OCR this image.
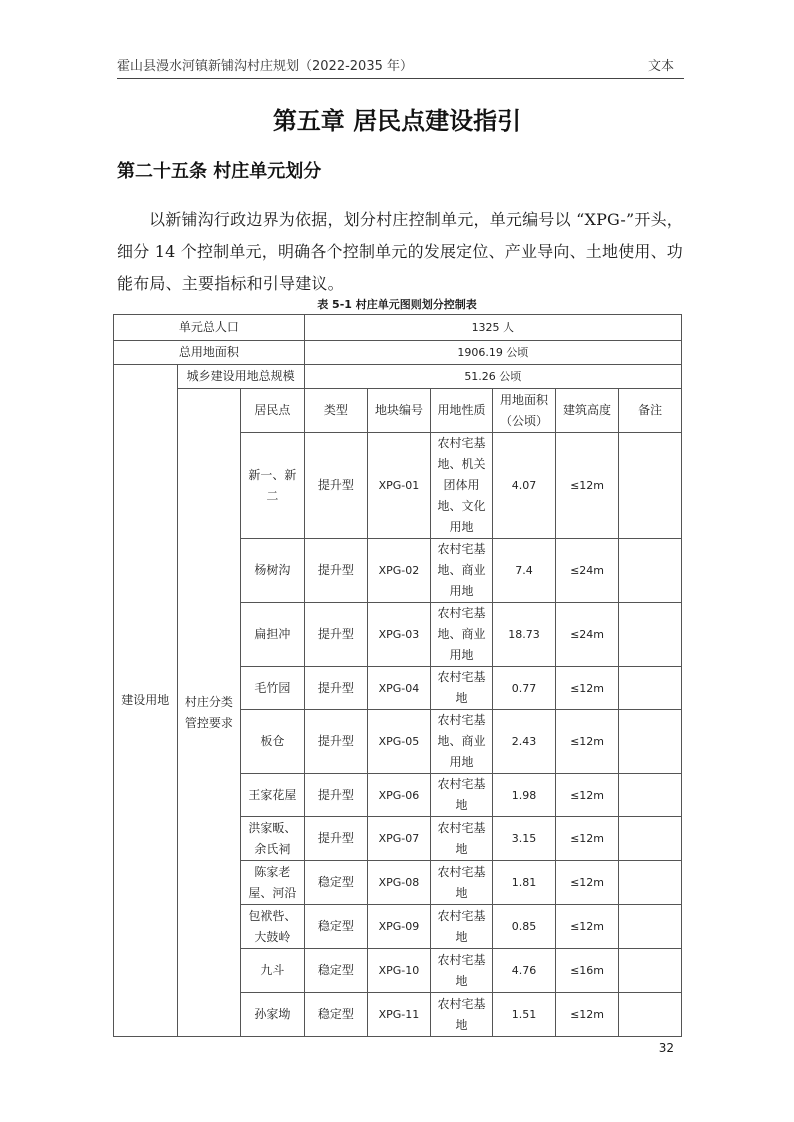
霍山县漫水河镇新铺沟村庄规划（2022-2035 年）	文本
第五章 居民点建设指引
第二十五条 村庄单元划分
以新铺沟行政边界为依据，划分村庄控制单元，单元编号以 “XPG-”开头，细分 14 个控制单元，明确各个控制单元的发展定位、产业导向、土地使用、功能布局、主要指标和引导建议。
表 5-1 村庄单元图则划分控制表
单元总人口			1325 人					
总用地面积			1906.19 公顷					
建设用地	城乡建设用地总规模		51.26 公顷					

	村庄分类管控要求	居民点	类型	地块编号	用地性质	用地面积（公顷）	建筑高度	备注
		新一、新二	提升型	XPG-01	农村宅基地、机关团体用地、文化用地	4.07	≤12m	
		杨树沟	提升型	XPG-02	农村宅基地、商业用地	7.4	≤24m	
		扁担冲	提升型	XPG-03	农村宅基地、商业用地	18.73	≤24m	
		毛竹园	提升型	XPG-04	农村宅基地	0.77	≤12m	
		板仓	提升型	XPG-05	农村宅基地、商业用地	2.43	≤12m	
		王家花屋	提升型	XPG-06	农村宅基地	1.98	≤12m	
		洪家畈、余氏祠	提升型	XPG-07	农村宅基地	3.15	≤12m	
		陈家老屋、河沿	稳定型	XPG-08	农村宅基地	1.81	≤12m	
		包袱呰、大鼓岭	稳定型	XPG-09	农村宅基地	0.85	≤12m	
		九斗	稳定型	XPG-10	农村宅基地	4.76	≤16m	
		孙家坳	稳定型	XPG-11	农村宅基地	1.51	≤12m	
32
